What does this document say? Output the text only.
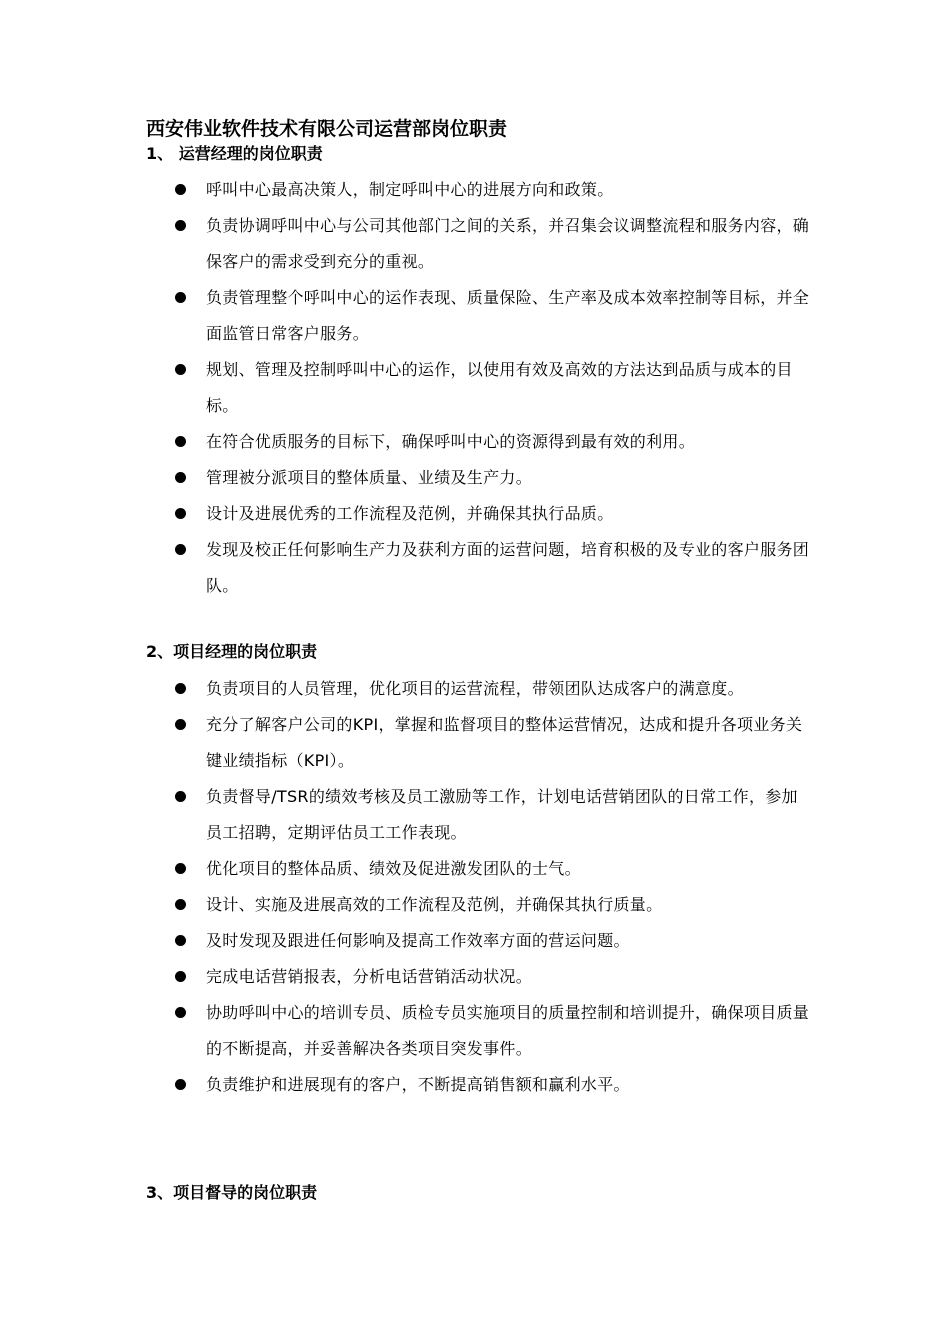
西安伟业软件技术有限公司运营部岗位职责
1、 运营经理的岗位职责
呼叫中心最高决策人，制定呼叫中心的进展方向和政策。
负责协调呼叫中心与公司其他部门之间的关系，并召集会议调整流程和服务内容，确保客户的需求受到充分的重视。
负责管理整个呼叫中心的运作表现、质量保险、生产率及成本效率控制等目标，并全面监管日常客户服务。
规划、管理及控制呼叫中心的运作，以使用有效及高效的方法达到品质与成本的目标。
在符合优质服务的目标下，确保呼叫中心的资源得到最有效的利用。
管理被分派项目的整体质量、业绩及生产力。
设计及进展优秀的工作流程及范例，并确保其执行品质。
发现及校正任何影响生产力及获利方面的运营问题，培育积极的及专业的客户服务团队。
2、项目经理的岗位职责
负责项目的人员管理，优化项目的运营流程，带领团队达成客户的满意度。
充分了解客户公司的KPI，掌握和监督项目的整体运营情况，达成和提升各项业务关键业绩指标（KPI）。
负责督导/TSR的绩效考核及员工激励等工作，计划电话营销团队的日常工作，参加员工招聘，定期评估员工工作表现。
优化项目的整体品质、绩效及促进激发团队的士气。
设计、实施及进展高效的工作流程及范例，并确保其执行质量。
及时发现及跟进任何影响及提高工作效率方面的营运问题。
完成电话营销报表，分析电话营销活动状况。
协助呼叫中心的培训专员、质检专员实施项目的质量控制和培训提升，确保项目质量的不断提高，并妥善解决各类项目突发事件。
负责维护和进展现有的客户，不断提高销售额和赢利水平。
3、项目督导的岗位职责
